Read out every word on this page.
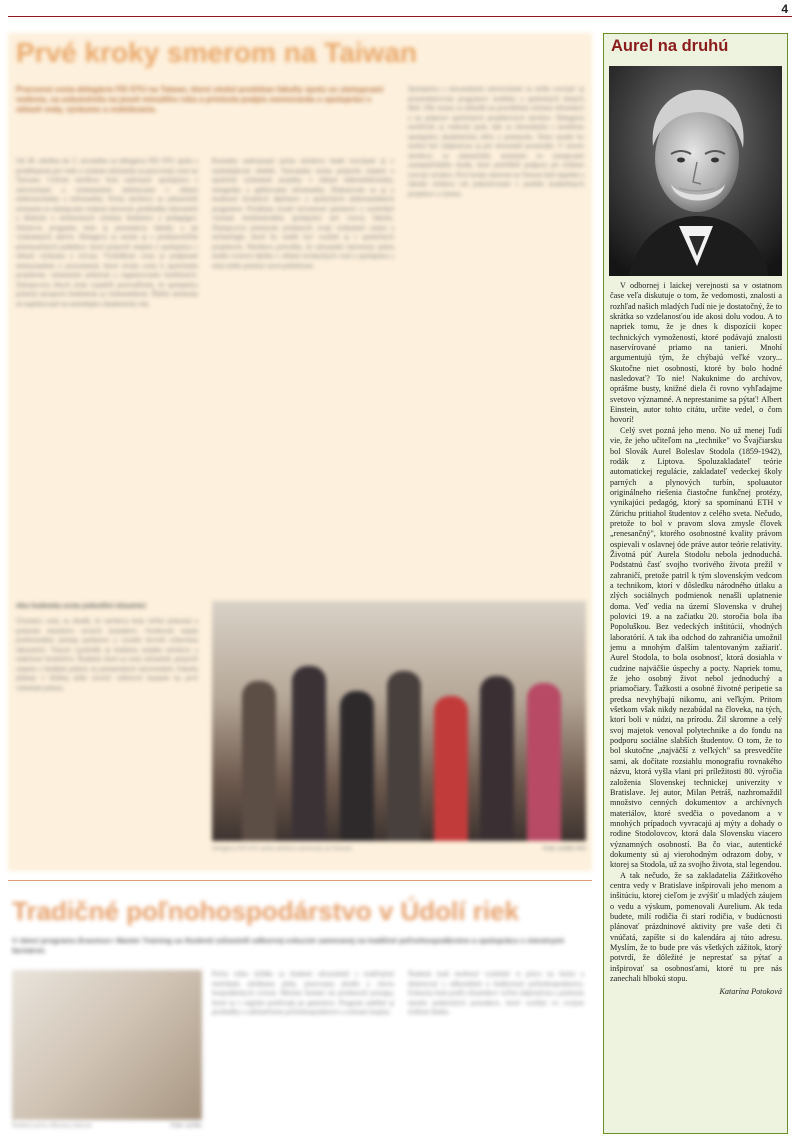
4
Prvé kroky smerom na Taiwan
Pracovná cesta delegácie FEI STU na Taiwan, ktorú viedol prodekan fakulty spolu so zástupcami vedenia, sa uskutočnila na jeseň minulého roka a priniesla podpis memoranda o spolupráci v oblasti vedy, výskumu a vzdelávania.
Od 28. októbra do 3. novembra sa delegácia FEI STU spolu s prodekanom pre vedu a výskum zúčastnila na pracovnej ceste na Taiwane. Cieľom návštevy bolo nadviazať spoluprácu s univerzitami a výskumnými inštitúciami v oblasti elektrotechniky a informatiky. Počas návštevy sa uskutočnili stretnutia so zástupcami vedenia univerzít, prehliadky laboratórií a diskusie o možnostiach výmeny študentov a pedagógov. Súčasťou programu bola aj prezentácia fakulty a jej výskumných aktivít. Delegácia sa stretla aj s predstaviteľmi priemyselných podnikov, ktoré prejavili záujem o spoluprácu v oblasti výskumu a vývoja. Výsledkom cesty je podpísané memorandum o porozumení, ktoré otvára cestu k spoločným projektom, výmenným pobytom a organizovaniu konferencií. Zástupcovia oboch strán vyjadrili presvedčenie, že spolupráca prinesie prospech študentom aj výskumníkom. Ďalšie stretnutia sú naplánované na nasledujúci akademický rok.
Kontakty nadviazané počas návštevy budú rozvíjané aj v nasledujúcom období. Taiwanská strana prejavila záujem o spoločné výskumné projekty v oblasti mikroelektroniky, energetiky a aplikovanej informatiky. Diskutovalo sa aj o možnosti dvojitých diplomov a spoločných doktorandských programov. Prodekan ocenil otvorenosť partnerov a vyzdvihol význam medzinárodnej spolupráce pre rozvoj fakulty. Zástupcovia priemyslu predstavili svoje výskumné centrá a technológie, ktoré by mohli byť využité aj v spoločných projektoch. Návšteva potvrdila, že taiwanské univerzity patria medzi svetovú špičku v oblasti technických vied a spolupráca s nimi môže priniesť nové príležitosti.
Spolupráca s taiwanskými univerzitami sa môže rozvíjať aj prostredníctvom programov mobility a spoločných letných škôl. Obe strany sa dohodli na pravidelnej výmene informácií a na príprave spoločných projektových návrhov. Delegácia navštívila aj vedecký park, kde sa oboznámila s modelom spolupráce akademickej sféry a priemyslu. Tento model by mohol byť inšpiráciou aj pre slovenské prostredie. V závere návštevy sa uskutočnilo stretnutie so zástupcami zastupiteľského úradu, ktorí prisľúbili podporu pri ďalšom rozvoji vzťahov. Prvé kroky smerom na Taiwan boli úspešné a fakulta očakáva ich pokračovanie v podobe konkrétnych projektov a výmen.
Ako hodnotia cestu jednotliví účastníci
Účastníci cesty sa zhodli, že návšteva bola veľmi prínosná a priniesla množstvo nových kontaktov. Oceňovali najmä profesionálny prístup partnerov a vysokú úroveň vybavenia laboratórií. Viacerí vyzdvihli aj kultúrnu stránku návštevy a srdečnosť hostiteľov. Študenti, ktorí sa cesty zúčastnili, prejavili záujem o študijné pobyty na partnerských univerzitách. Fakulta plánuje v blízkej dobe otvoriť výberové konanie na prvé výmenné pobyty.
Delegácia FEI STU počas návštevy univerzity na Taiwane	Foto: archív FEI
Tradičné poľnohospodárstvo v Údolí riek
V rámci programu Erasmus+ Master Training sa študenti zúčastnili odbornej exkurzie zameranej na tradičné poľnohospodárstvo a spoluprácu s miestnymi farmármi.
Študenti počas odbornej exkurzie	Foto: archív
Počas tohto týždňa sa študenti oboznámili s tradičnými metódami obrábania pôdy, pestovania plodín a chovu hospodárskych zvierat. Miestni farmári im predstavili postupy, ktoré sa v regióne používajú po generácie. Program zahŕňal aj prednášky o udržateľnom poľnohospodárstve a ochrane krajiny.
Študenti mali možnosť vyskúšať si prácu na farme a diskutovať s odborníkmi o budúcnosti poľnohospodárstva. Exkurzia bola podľa účastníkov veľmi inšpiratívna a priniesla mnoho praktických poznatkov, ktoré využijú vo svojom ďalšom štúdiu.
Aurel na druhú

V odbornej i laickej verejnosti sa v ostatnom čase veľa diskutuje o tom, že vedomosti, znalosti a rozhľad našich mladých ľudí nie je dostatočný, že to skrátka so vzdelanosťou ide akosi dolu vodou. A to napriek tomu, že je dnes k dispozícii kopec technických vymožeností, ktoré podávajú znalosti naservírované priamo na tanieri. Mnohí argumentujú tým, že chýbajú veľké vzory... Skutočne niet osobností, ktoré by bolo hodné nasledovať? To nie! Nakuknime do archívov, oprášme busty, knižné diela či rovno vyhľadajme svetovo významné. A neprestanime sa pýtať! Albert Einstein, autor tohto citátu, určite vedel, o čom hovorí!

Celý svet pozná jeho meno. No už menej ľudí vie, že jeho učiteľom na „technike" vo Švajčiarsku bol Slovák Aurel Boleslav Stodola (1859-1942), rodák z Liptova. Spoluzakladateľ teórie automatickej regulácie, zakladateľ vedeckej školy parných a plynových turbín, spoluautor originálneho riešenia čiastočne funkčnej protézy, vynikajúci pedagóg, ktorý sa spomínanú ETH v Zürichu pritiahol študentov z celého sveta. Nečudo, pretože to bol v pravom slova zmysle človek „renesančný", ktorého osobnostné kvality právom ospievali v oslavnej óde práve autor teórie relativity. Životná púť Aurela Stodolu nebola jednoduchá. Podstatnú časť svojho tvorivého života prežil v zahraničí, pretože patril k tým slovenským vedcom a technikom, ktorí v dôsledku národného útlaku a zlých sociálnych podmienok nenašli uplatnenie doma. Veď vedia na území Slovenska v druhej polovici 19. a na začiatku 20. storočia bola iba Popoluškou. Bez vedeckých inštitúcií, vhodných laboratórií. A tak iba odchod do zahraničia umožnil jemu a mnohým ďalším talentovaným zažiariť. Aurel Stodola, to bola osobnosť, ktorá dosiahla v cudzine najväčšie úspechy a pocty. Napriek tomu, že jeho osobný život nebol jednoduchý a priamočiary. Ťažkosti a osobné životné peripetie sa predsa nevyhýbajú nikomu, ani veľkým. Pritom všetkom však nikdy nezabúdal na človeka, na tých, ktorí boli v núdzi, na prírodu. Žil skromne a celý svoj majetok venoval polytechnike a do fondu na podporu sociálne slabších študentov. O tom, že to bol skutočne „najväčší z veľkých" sa presvedčíte sami, ak dočítate rozsiahlu monografiu rovnakého názvu, ktorá vyšla vlani pri príležitosti 80. výročia založenia Slovenskej technickej univerzity v Bratislave. Jej autor, Milan Petráš, nazhromaždil množstvo cenných dokumentov a archívnych materiálov, ktoré svedčia o povedanom a v mnohých prípadoch vyvracajú aj mýty a dohady o rodine Stodolovcov, ktorá dala Slovensku viacero významných osobností. Ba čo viac, autentické dokumenty sú aj vierohodným odrazom doby, v ktorej sa Stodola, už za svojho života, stal legendou.

A tak nečudo, že sa zakladatelia Zážitkového centra vedy v Bratislave inšpirovali jeho menom a inšitúciu, ktorej cieľom je zvýšiť u mladých záujem o vedu a výskum, pomenovali Aurelium. Ak teda budete, milí rodičia či starí rodičia, v budúcnosti plánovať prázdninové aktivity pre vaše deti či vnúčatá, zapíšte si do kalendára aj túto adresu. Myslím, že to bude pre vás všetkých zážitok, ktorý potvrdí, že dôležité je neprestať sa pýtať a inšpirovať sa osobnosťami, ktoré tu pre nás zanechali hlbokú stopu.

Katarína Potoková
